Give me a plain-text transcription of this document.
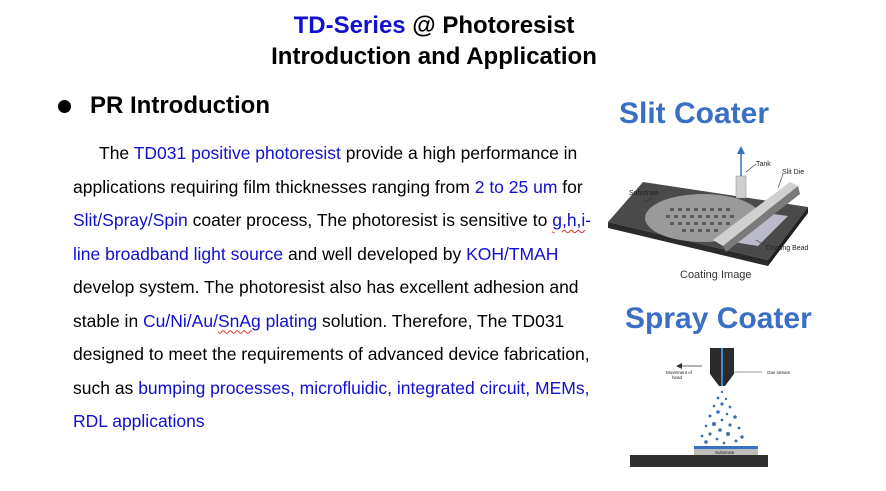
TD-Series @ Photoresist
Introduction and Application
PR Introduction
The TD031 positive photoresist provide a high performance in applications requiring film thicknesses ranging from 2 to 25 um for Slit/Spray/Spin coater process, The photoresist is sensitive to g,h,i-line broadband light source and well developed by KOH/TMAH develop system. The photoresist also has excellent adhesion and stable in Cu/Ni/Au/SnAg plating solution. Therefore, The TD031 designed to meet the requirements of advanced device fabrication, such as bumping processes, microfluidic, integrated circuit, MEMs, RDL applications
Slit Coater
Tank
Slit Die
Substrate
Coating Bead
Coating Image
Spray Coater
Movement of
head
Gas stream
Substrate
